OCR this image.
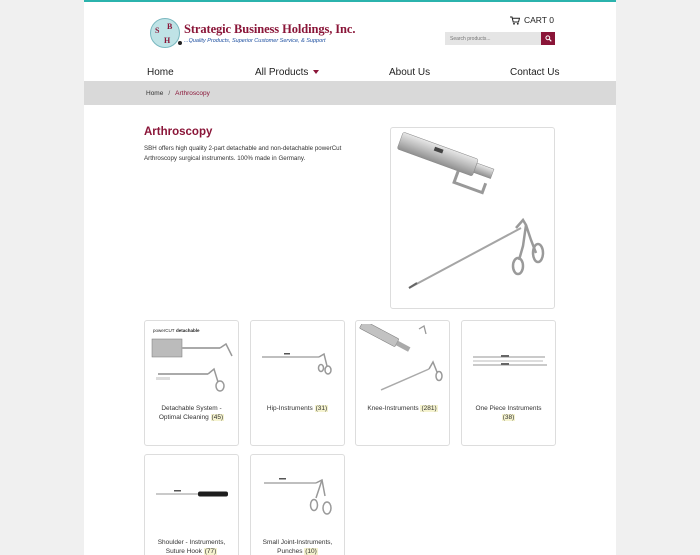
S B
H
Strategic Business Holdings, Inc.
...Quality Products, Superior Customer Service, & Support
CART 0
Search products...
Home	All Products	About Us	Contact Us
Home / Arthroscopy
Arthroscopy

SBH offers high quality 2-part detachable and non-detachable powerCut Arthroscopy surgical instruments. 100% made in Germany.

powerCUT detachable
Detachable System -
Optimal Cleaning (45)
Hip-Instruments (31)	Knee-Instruments (281)	One Piece Instruments
(38)
Shoulder - Instruments,
Suture Hook (77)
Small Joint-Instruments,
Punches (10)
